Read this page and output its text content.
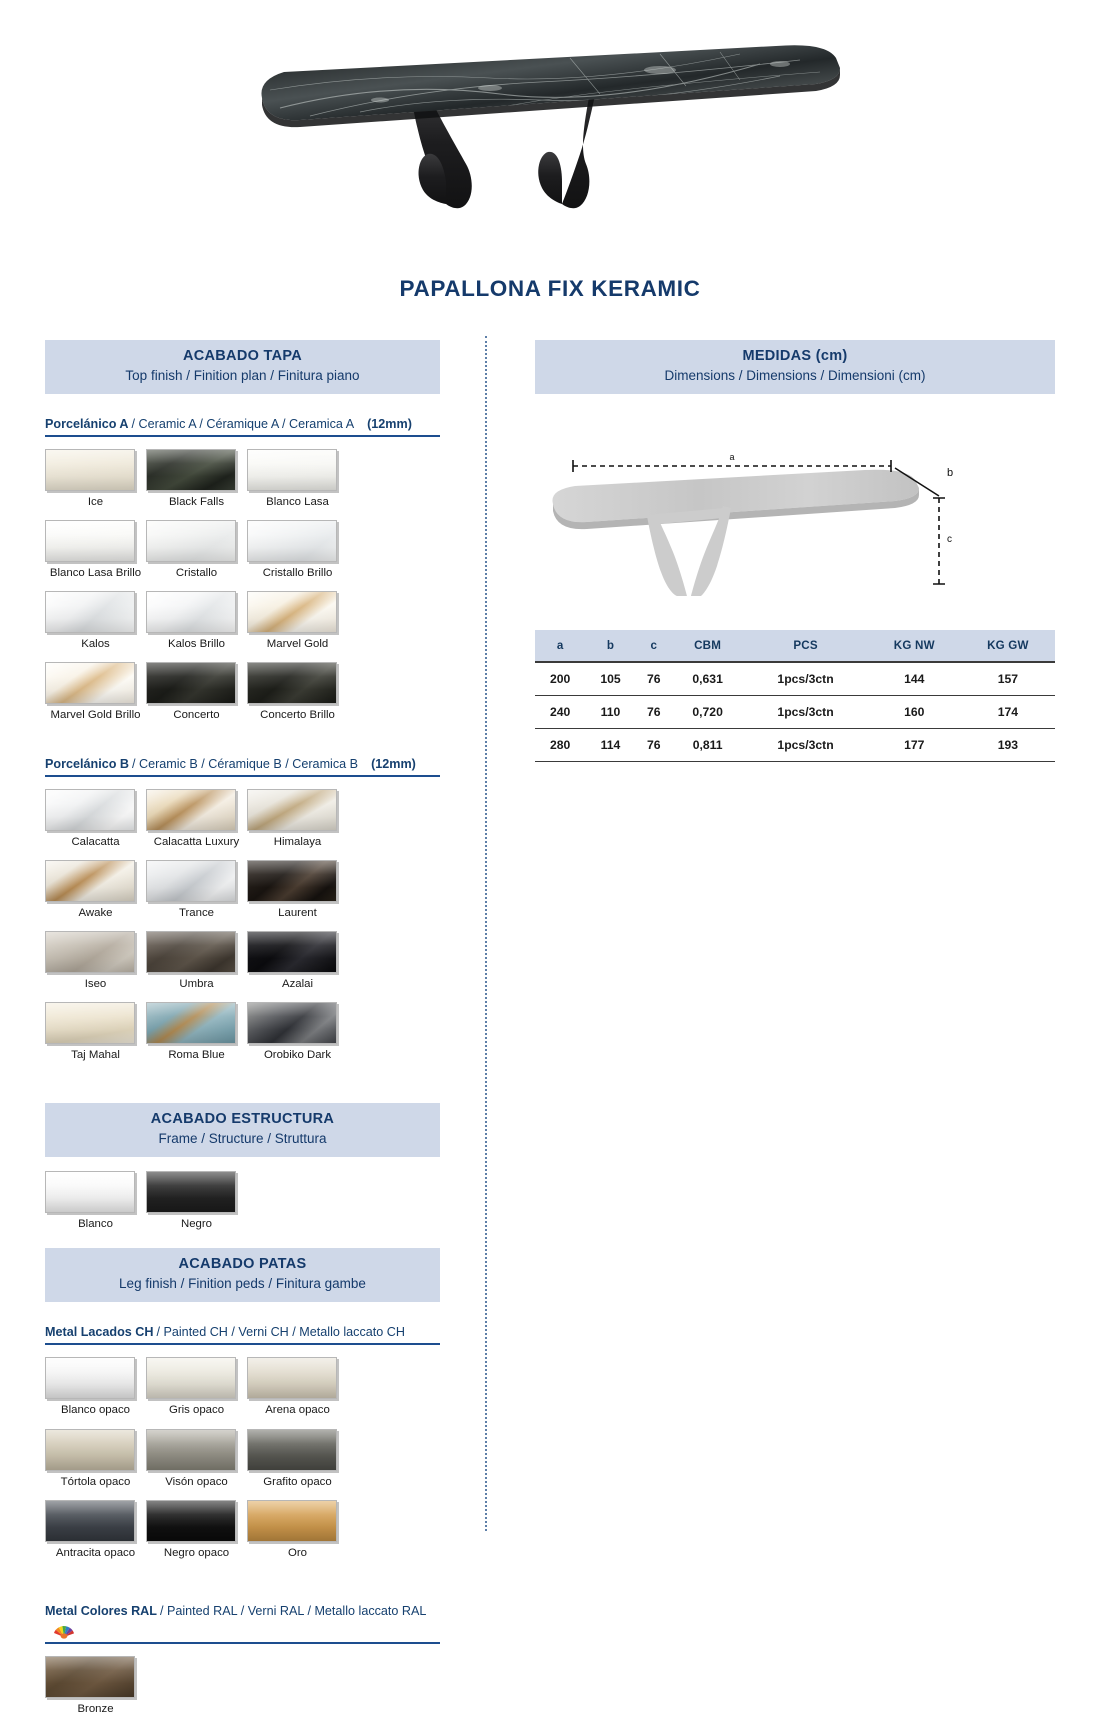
PAPALLONA FIX KERAMIC
ACABADO TAPA
Top finish / Finition plan / Finitura piano
Porcelánico A / Ceramic A / Céramique A / Ceramica A (12mm)
Ice	Black Falls	Blanco Lasa
Blanco Lasa Brillo	Cristallo	Cristallo Brillo
Kalos	Kalos Brillo	Marvel Gold
Marvel Gold Brillo	Concerto	Concerto Brillo
Porcelánico B / Ceramic B / Céramique B / Ceramica B (12mm)
Calacatta	Calacatta Luxury	Himalaya
Awake	Trance	Laurent
Iseo	Umbra	Azalai
Taj Mahal	Roma Blue	Orobiko Dark
ACABADO ESTRUCTURA
Frame / Structure / Struttura
Blanco	Negro
ACABADO PATAS
Leg finish / Finition peds / Finitura gambe
Metal Lacados CH / Painted CH / Verni CH / Metallo laccato CH
Blanco opaco	Gris opaco	Arena opaco
Tórtola opaco	Visón opaco	Grafito opaco
Antracita opaco	Negro opaco	Oro
Metal Colores RAL / Painted RAL / Verni RAL / Metallo laccato RAL
Bronze
MEDIDAS (cm)
Dimensions / Dimensions / Dimensioni (cm)
a
b
c
a	b	c	CBM	PCS	KG NW	KG GW
200	105	76	0,631	1pcs/3ctn	144	157
240	110	76	0,720	1pcs/3ctn	160	174
280	114	76	0,811	1pcs/3ctn	177	193
